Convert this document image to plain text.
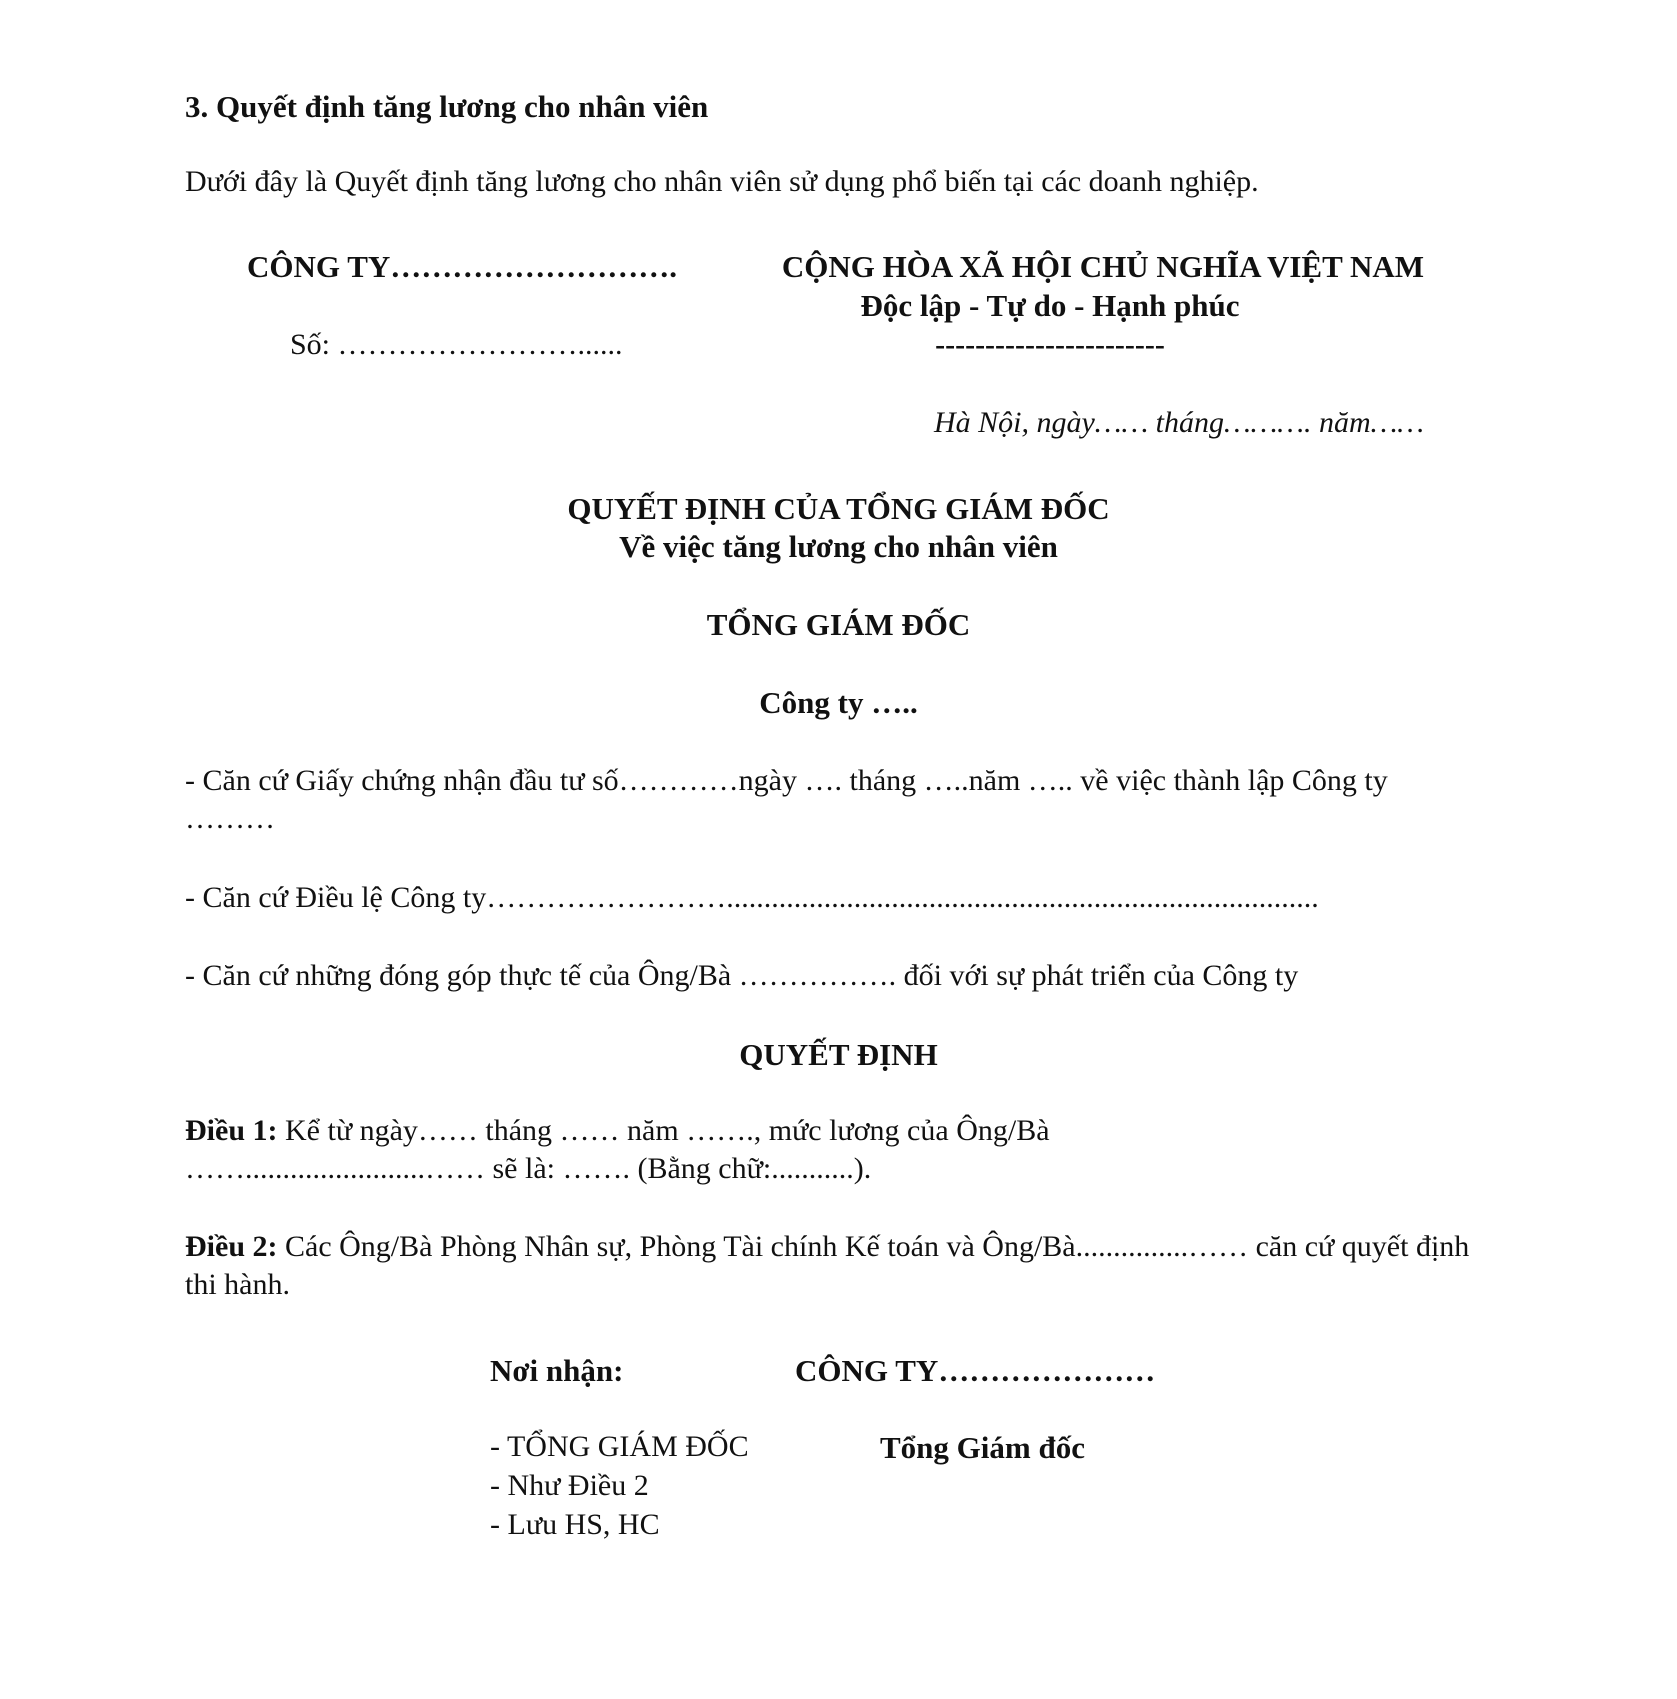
3. Quyết định tăng lương cho nhân viên
Dưới đây là Quyết định tăng lương cho nhân viên sử dụng phổ biến tại các doanh nghiệp.
CÔNG TY……………………….	CỘNG HÒA XÃ HỘI CHỦ NGHĨA VIỆT NAM
Độc lập - Tự do - Hạnh phúc
Số: ……………………......	-----------------------
Hà Nội, ngày…… tháng………. năm……
QUYẾT ĐỊNH CỦA TỔNG GIÁM ĐỐC
Về việc tăng lương cho nhân viên
TỔNG GIÁM ĐỐC
Công ty …..
- Căn cứ Giấy chứng nhận đầu tư số…………ngày …. tháng …..năm ….. về việc thành lập Công ty ………
- Căn cứ Điều lệ Công ty……………………...............................................................................
- Căn cứ những đóng góp thực tế của Ông/Bà ……………. đối với sự phát triển của Công ty
QUYẾT ĐỊNH
Điều 1: Kể từ ngày…… tháng …… năm ……., mức lương của Ông/Bà ……........................…… sẽ là: ……. (Bằng chữ:...........).
Điều 2: Các Ông/Bà Phòng Nhân sự, Phòng Tài chính Kế toán và Ông/Bà...............…… căn cứ quyết định thi hành.
Nơi nhận:	CÔNG TY…………………
- TỔNG GIÁM ĐỐC	Tổng Giám đốc
- Như Điều 2
- Lưu HS, HC
